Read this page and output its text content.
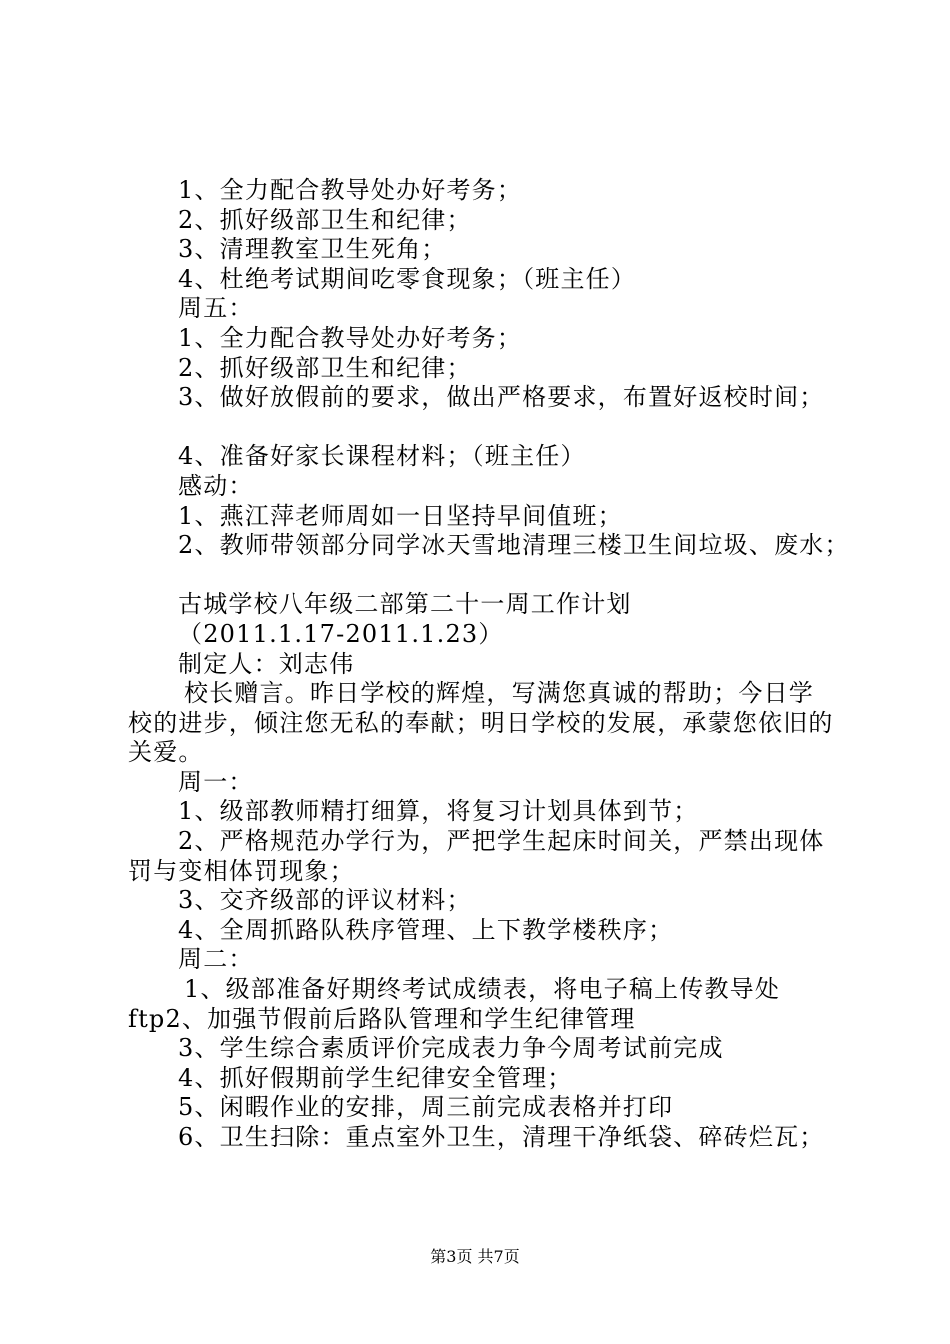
1、全力配合教导处办好考务；
2、抓好级部卫生和纪律；
3、清理教室卫生死角；
4、杜绝考试期间吃零食现象；（班主任）
周五：
1、全力配合教导处办好考务；
2、抓好级部卫生和纪律；
3、做好放假前的要求，做出严格要求，布置好返校时间；
4、准备好家长课程材料；（班主任）
感动：
1、燕江萍老师周如一日坚持早间值班；
2、教师带领部分同学冰天雪地清理三楼卫生间垃圾、废水；
古城学校八年级二部第二十一周工作计划
（2011.1.17-2011.1.23）
制定人：刘志伟
校长赠言。昨日学校的辉煌，写满您真诚的帮助；今日学校的进步，倾注您无私的奉献；明日学校的发展，承蒙您依旧的关爱。
周一：
1、级部教师精打细算，将复习计划具体到节；
2、严格规范办学行为，严把学生起床时间关，严禁出现体罚与变相体罚现象；
3、交齐级部的评议材料；
4、全周抓路队秩序管理、上下教学楼秩序；
周二：
1、级部准备好期终考试成绩表，将电子稿上传教导处ftp2、加强节假前后路队管理和学生纪律管理
3、学生综合素质评价完成表力争今周考试前完成
4、抓好假期前学生纪律安全管理；
5、闲暇作业的安排，周三前完成表格并打印
6、卫生扫除：重点室外卫生，清理干净纸袋、碎砖烂瓦；
第3页 共7页
